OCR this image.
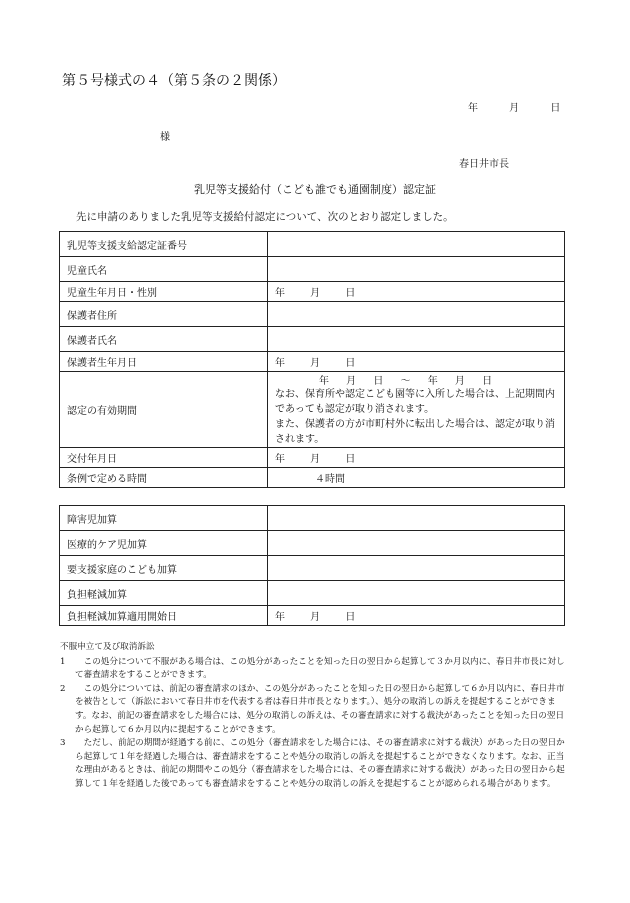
第５号様式の４（第５条の２関係）
年 月 日
様
春日井市長
乳児等支援給付（こども誰でも通園制度）認定証
先に申請のありました乳児等支援給付認定について、次のとおり認定しました。
乳児等支援支給認定証番号	
児童氏名	
児童生年月日・性別	年 月 日
保護者住所	
保護者氏名	
保護者生年月日	年 月 日
認定の有効期間	年 月 日 〜 年 月 日
なお、保育所や認定こども園等に入所した場合は、上記期間内であっても認定が取り消されます。
また、保護者の方が市町村外に転出した場合は、認定が取り消されます。

交付年月日	年 月 日
条例で定める時間	４時間
障害児加算	
医療的ケア児加算	
要支援家庭のこども加算	
負担軽減加算	
負担軽減加算適用開始日	年 月 日
不服申立て及び取消訴訟
1	この処分について不服がある場合は、この処分があったことを知った日の翌日から起算して３か月以内に、春日井市長に対して審査請求をすることができます。
2	この処分については、前記の審査請求のほか、この処分があったことを知った日の翌日から起算して６か月以内に、春日井市を被告として（訴訟において春日井市を代表する者は春日井市長となります。）、処分の取消しの訴えを提起することができます。なお、前記の審査請求をした場合には、処分の取消しの訴えは、その審査請求に対する裁決があったことを知った日の翌日から起算して６か月以内に提起することができます。
3	ただし、前記の期間が経過する前に、この処分（審査請求をした場合には、その審査請求に対する裁決）があった日の翌日から起算して１年を経過した場合は、審査請求をすることや処分の取消しの訴えを提起することができなくなります。なお、正当な理由があるときは、前記の期間やこの処分（審査請求をした場合には、その審査請求に対する裁決）があった日の翌日から起算して１年を経過した後であっても審査請求をすることや処分の取消しの訴えを提起することが認められる場合があります。
